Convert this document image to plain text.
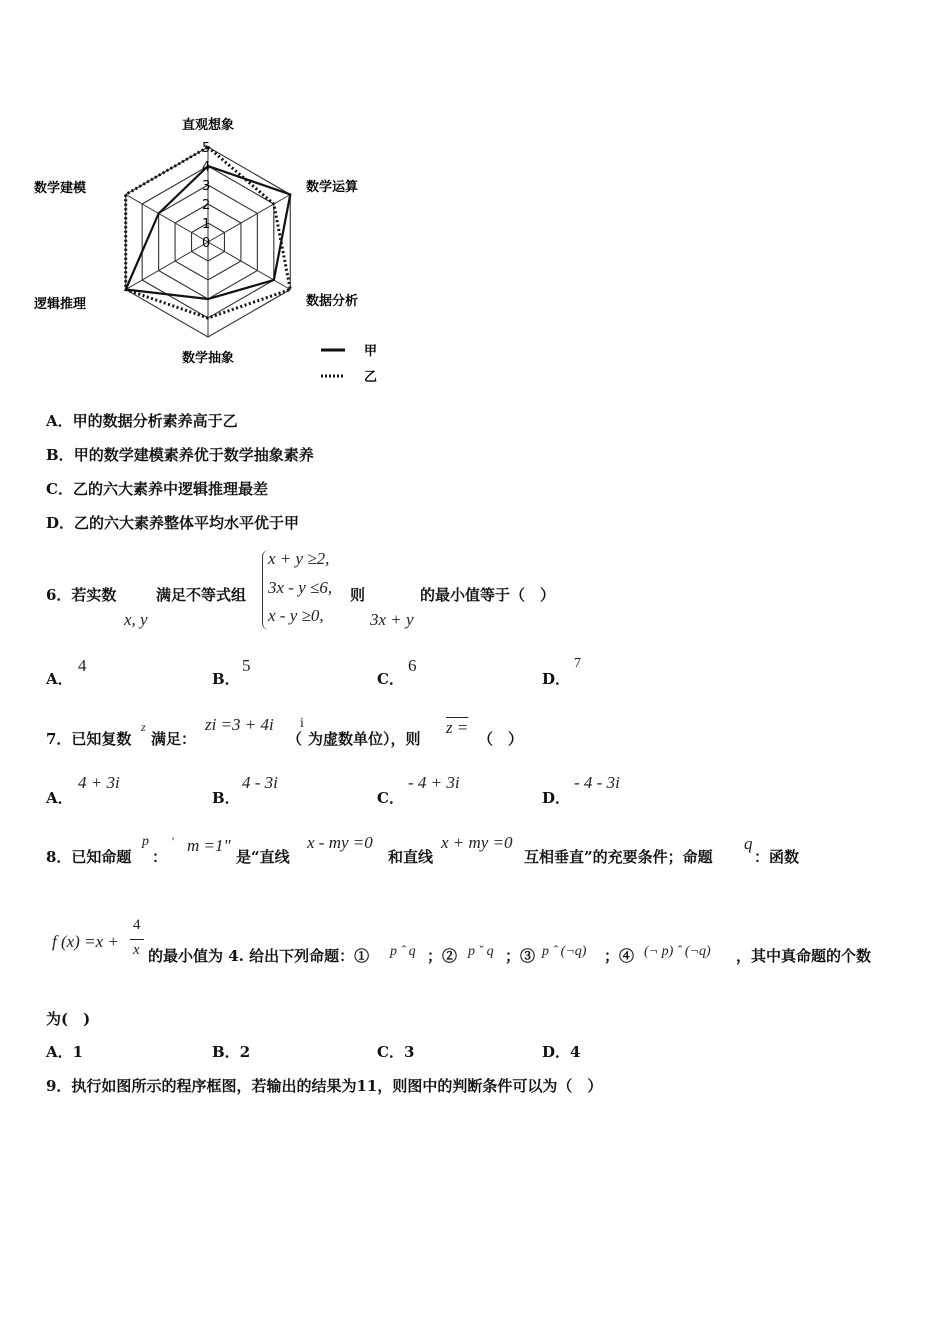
直观想象
数学运算
数据分析
数学抽象
逻辑推理
数学建模
0
1
2
3
4
5
甲
乙
A．甲的数据分析素养高于乙
B．甲的数学建模素养优于数学抽象素养
C．乙的六大素养中逻辑推理最差
D．乙的六大素养整体平均水平优于甲
6．若实数
x, y
满足不等式组
x + y ≥2,
3x - y ≤6,
x - y ≥0,
则
3x + y
的最小值等于（　）
A．
4
B．
5
C．
6
D．
7
7．已知复数
z
满足：
zi =3 + 4i
（
i
为虚数单位），则
z =
（　）
A．
4 + 3i
B．
4 - 3i
C．
- 4 + 3i
D．
- 4 - 3i
8．已知命题
p
：
' m =1"
是“直线
x - my =0
和直线
x + my =0
互相垂直”的充要条件；命题
q
：函数
f (x) =x +
4
x 的最小值为 4. 给出下列命题：① p ˆ q ；② p ˇ q ；③ p ˆ (¬q) ；④ (¬ p) ˆ (¬q) ，其中真命题的个数
为(　)
A．1	B．2	C．3	D．4
9．执行如图所示的程序框图，若输出的结果为11，则图中的判断条件可以为（　）
